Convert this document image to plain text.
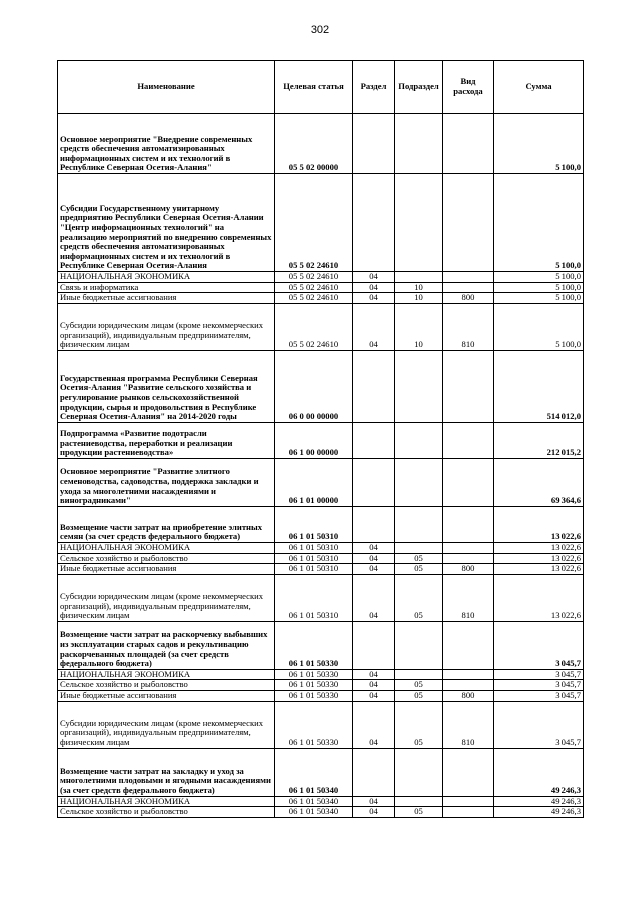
302
Наименование	Целевая статья	Раздел	Подраздел	Вид расхода	Сумма
Основное мероприятие "Внедрение современных средств обеспечения автоматизированных информационных систем и их технологий в Республике Северная Осетия-Алания"	05 5 02 00000				5 100,0
Субсидии Государственному унитарному предприятию Республики Северная Осетия-Алании "Центр информационных технологий" на реализацию мероприятий по внедрению современных средств обеспечения автоматизированных информационных систем и их технологий в Республике Северная Осетия-Алания	05 5 02 24610				5 100,0
НАЦИОНАЛЬНАЯ ЭКОНОМИКА	05 5 02 24610	04			5 100,0
Связь и информатика	05 5 02 24610	04	10		5 100,0
Иные бюджетные ассигнования	05 5 02 24610	04	10	800	5 100,0
Субсидии юридическим лицам (кроме некоммерческих организаций), индивидуальным предпринимателям, физическим лицам	05 5 02 24610	04	10	810	5 100,0
Государственная программа Республики Северная Осетия-Алания "Развитие сельского хозяйства и регулирование рынков сельскохозяйственной продукции, сырья и продовольствия в Республике Северная Осетия-Алания" на 2014-2020 годы	06 0 00 00000				514 012,0
Подпрограмма «Развитие подотрасли растениеводства, переработки и реализации продукции растениеводства»	06 1 00 00000				212 015,2
Основное мероприятие "Развитие элитного семеноводства, садоводства, поддержка закладки и ухода за многолетними насаждениями и виноградниками"	06 1 01 00000				69 364,6
Возмещение части затрат на приобретение элитных семян (за счет средств федерального бюджета)	06 1 01 50310				13 022,6
НАЦИОНАЛЬНАЯ ЭКОНОМИКА	06 1 01 50310	04			13 022,6
Сельское хозяйство и рыболовство	06 1 01 50310	04	05		13 022,6
Иные бюджетные ассигнования	06 1 01 50310	04	05	800	13 022,6
Субсидии юридическим лицам (кроме некоммерческих организаций), индивидуальным предпринимателям, физическим лицам	06 1 01 50310	04	05	810	13 022,6
Возмещение части затрат на раскорчевку выбывших из эксплуатации старых садов и рекультивацию раскорчеванных площадей (за счет средств федерального бюджета)	06 1 01 50330				3 045,7
НАЦИОНАЛЬНАЯ ЭКОНОМИКА	06 1 01 50330	04			3 045,7
Сельское хозяйство и рыболовство	06 1 01 50330	04	05		3 045,7
Иные бюджетные ассигнования	06 1 01 50330	04	05	800	3 045,7
Субсидии юридическим лицам (кроме некоммерческих организаций), индивидуальным предпринимателям, физическим лицам	06 1 01 50330	04	05	810	3 045,7
Возмещение части затрат на закладку и уход за многолетними плодовыми и ягодными насаждениями (за счет средств федерального бюджета)	06 1 01 50340				49 246,3
НАЦИОНАЛЬНАЯ ЭКОНОМИКА	06 1 01 50340	04			49 246,3
Сельское хозяйство и рыболовство	06 1 01 50340	04	05		49 246,3
